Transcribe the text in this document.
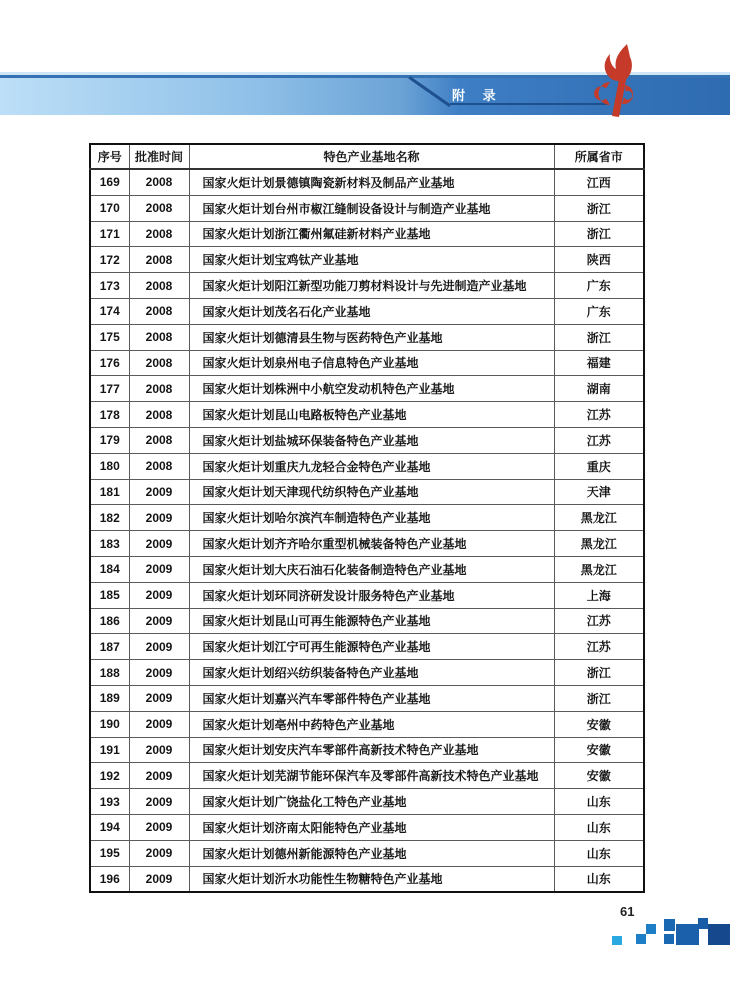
附 录
序号	批准时间	特色产业基地名称	所属省市
169	2008	国家火炬计划景德镇陶瓷新材料及制品产业基地	江西
170	2008	国家火炬计划台州市椒江缝制设备设计与制造产业基地	浙江
171	2008	国家火炬计划浙江衢州氟硅新材料产业基地	浙江
172	2008	国家火炬计划宝鸡钛产业基地	陕西
173	2008	国家火炬计划阳江新型功能刀剪材料设计与先进制造产业基地	广东
174	2008	国家火炬计划茂名石化产业基地	广东
175	2008	国家火炬计划德清县生物与医药特色产业基地	浙江
176	2008	国家火炬计划泉州电子信息特色产业基地	福建
177	2008	国家火炬计划株洲中小航空发动机特色产业基地	湖南
178	2008	国家火炬计划昆山电路板特色产业基地	江苏
179	2008	国家火炬计划盐城环保装备特色产业基地	江苏
180	2008	国家火炬计划重庆九龙轻合金特色产业基地	重庆
181	2009	国家火炬计划天津现代纺织特色产业基地	天津
182	2009	国家火炬计划哈尔滨汽车制造特色产业基地	黑龙江
183	2009	国家火炬计划齐齐哈尔重型机械装备特色产业基地	黑龙江
184	2009	国家火炬计划大庆石油石化装备制造特色产业基地	黑龙江
185	2009	国家火炬计划环同济研发设计服务特色产业基地	上海
186	2009	国家火炬计划昆山可再生能源特色产业基地	江苏
187	2009	国家火炬计划江宁可再生能源特色产业基地	江苏
188	2009	国家火炬计划绍兴纺织装备特色产业基地	浙江
189	2009	国家火炬计划嘉兴汽车零部件特色产业基地	浙江
190	2009	国家火炬计划亳州中药特色产业基地	安徽
191	2009	国家火炬计划安庆汽车零部件高新技术特色产业基地	安徽
192	2009	国家火炬计划芜湖节能环保汽车及零部件高新技术特色产业基地	安徽
193	2009	国家火炬计划广饶盐化工特色产业基地	山东
194	2009	国家火炬计划济南太阳能特色产业基地	山东
195	2009	国家火炬计划德州新能源特色产业基地	山东
196	2009	国家火炬计划沂水功能性生物糖特色产业基地	山东
61
